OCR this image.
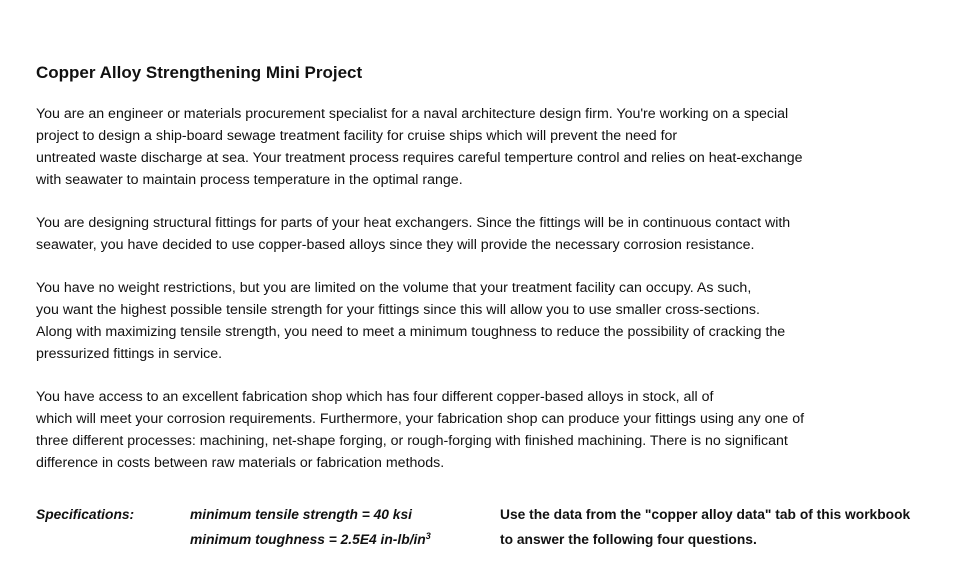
Copper Alloy Strengthening Mini Project
You are an engineer or materials procurement specialist for a naval architecture design firm. You're working on a special
project to design a ship-board sewage treatment facility for cruise ships which will prevent the need for
untreated waste discharge at sea. Your treatment process requires careful temperture control and relies on heat-exchange
with seawater to maintain process temperature in the optimal range.
You are designing structural fittings for parts of your heat exchangers. Since the fittings will be in continuous contact with
seawater, you have decided to use copper-based alloys since they will provide the necessary corrosion resistance.
You have no weight restrictions, but you are limited on the volume that your treatment facility can occupy. As such,
you want the highest possible tensile strength for your fittings since this will allow you to use smaller cross-sections.
Along with maximizing tensile strength, you need to meet a minimum toughness to reduce the possibility of cracking the
pressurized fittings in service.
You have access to an excellent fabrication shop which has four different copper-based alloys in stock, all of
which will meet your corrosion requirements. Furthermore, your fabrication shop can produce your fittings using any one of
three different processes: machining, net-shape forging, or rough-forging with finished machining. There is no significant
difference in costs between raw materials or fabrication methods.
Specifications:	minimum tensile strength = 40 ksi
minimum toughness = 2.5E4 $in-lb/in^3$
Use the data from the "copper alloy data" tab of this workbook
to answer the following four questions.
